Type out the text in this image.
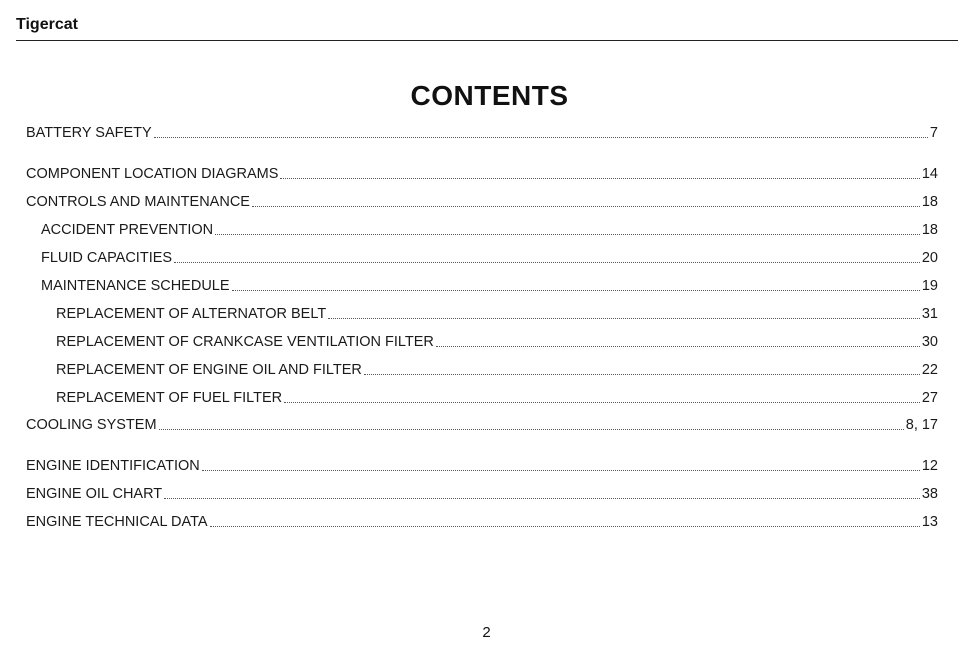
Tigercat
CONTENTS
BATTERY SAFETY	7
COMPONENT LOCATION DIAGRAMS	14
CONTROLS AND MAINTENANCE	18
ACCIDENT PREVENTION	18
FLUID CAPACITIES	20
MAINTENANCE SCHEDULE	19
REPLACEMENT OF ALTERNATOR BELT	31
REPLACEMENT OF CRANKCASE VENTILATION FILTER	30
REPLACEMENT OF ENGINE OIL AND FILTER	22
REPLACEMENT OF FUEL FILTER	27
COOLING SYSTEM	8, 17
ENGINE IDENTIFICATION	12
ENGINE OIL CHART	38
ENGINE TECHNICAL DATA	13
2
